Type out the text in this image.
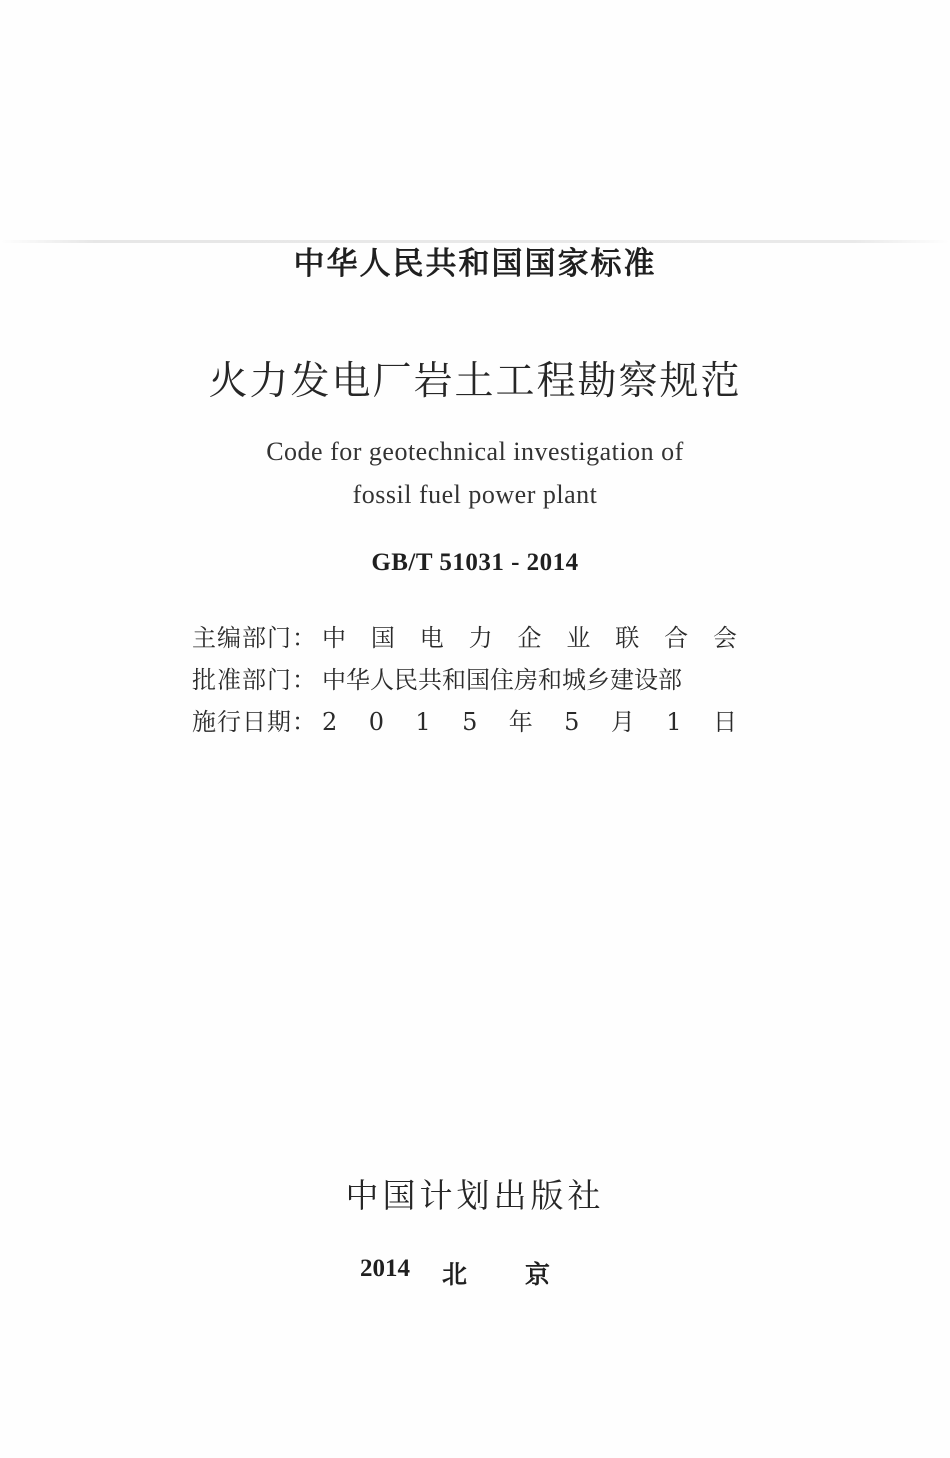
中华人民共和国国家标准
火力发电厂岩土工程勘察规范
Code for geotechnical investigation of
fossil fuel power plant
GB/T 51031 - 2014
主编部门： 中 国 电 力 企 业 联 合 会
批准部门： 中华人民共和国住房和城乡建设部
施行日期： 2 0 1 5 年 5 月 1 日
中国计划出版社
2014 北 京
